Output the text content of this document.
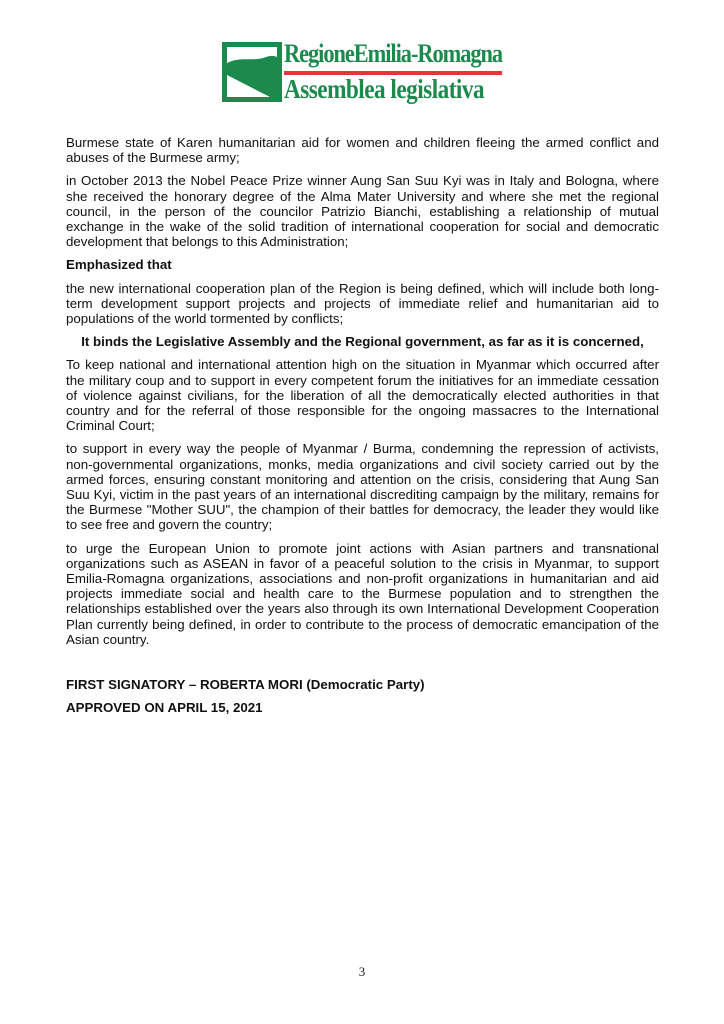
RegioneEmilia-Romagna
Assemblea legislativa

Burmese state of Karen humanitarian aid for women and children fleeing the armed conflict and abuses of the Burmese army;

in October 2013 the Nobel Peace Prize winner Aung San Suu Kyi was in Italy and Bologna, where she received the honorary degree of the Alma Mater University and where she met the regional council, in the person of the councilor Patrizio Bianchi, establishing a relationship of mutual exchange in the wake of the solid tradition of international cooperation for social and democratic development that belongs to this Administration;

Emphasized that

the new international cooperation plan of the Region is being defined, which will include both long-term development support projects and projects of immediate relief and humanitarian aid to populations of the world tormented by conflicts;

It binds the Legislative Assembly and the Regional government, as far as it is concerned,

To keep national and international attention high on the situation in Myanmar which occurred after the military coup and to support in every competent forum the initiatives for an immediate cessation of violence against civilians, for the liberation of all the democratically elected authorities in that country and for the referral of those responsible for the ongoing massacres to the International Criminal Court;

to support in every way the people of Myanmar / Burma, condemning the repression of activists, non-governmental organizations, monks, media organizations and civil society carried out by the armed forces, ensuring constant monitoring and attention on the crisis, considering that Aung San Suu Kyi, victim in the past years of an international discrediting campaign by the military, remains for the Burmese "Mother SUU", the champion of their battles for democracy, the leader they would like to see free and govern the country;

to urge the European Union to promote joint actions with Asian partners and transnational organizations such as ASEAN in favor of a peaceful solution to the crisis in Myanmar, to support Emilia-Romagna organizations, associations and non-profit organizations in humanitarian and aid projects immediate social and health care to the Burmese population and to strengthen the relationships established over the years also through its own International Development Cooperation Plan currently being defined, in order to contribute to the process of democratic emancipation of the Asian country.

FIRST SIGNATORY – ROBERTA MORI (Democratic Party)

APPROVED ON APRIL 15, 2021

3
